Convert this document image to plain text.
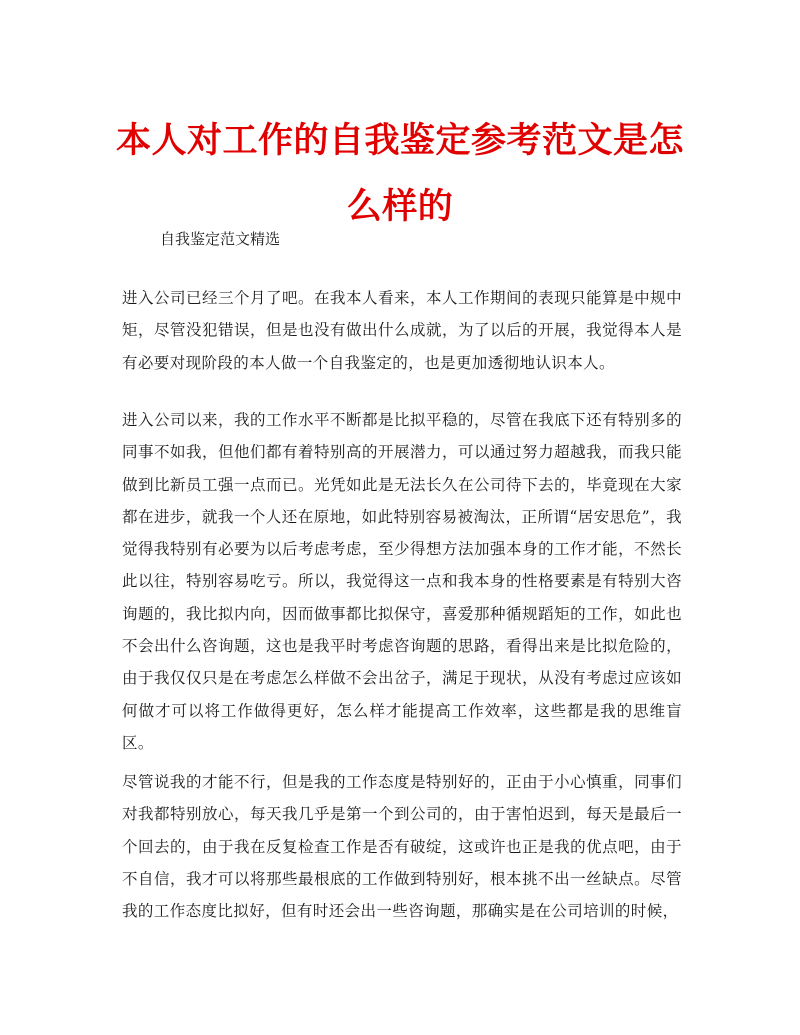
本人对工作的自我鉴定参考范文是怎么样的

自我鉴定范文精选

进入公司已经三个月了吧。在我本人看来，本人工作期间的表现只能算是中规中矩，尽管没犯错误，但是也没有做出什么成就，为了以后的开展，我觉得本人是有必要对现阶段的本人做一个自我鉴定的，也是更加透彻地认识本人。

进入公司以来，我的工作水平不断都是比拟平稳的，尽管在我底下还有特别多的同事不如我，但他们都有着特别高的开展潜力，可以通过努力超越我，而我只能做到比新员工强一点而已。光凭如此是无法长久在公司待下去的，毕竟现在大家都在进步，就我一个人还在原地，如此特别容易被淘汰，正所谓“居安思危”，我觉得我特别有必要为以后考虑考虑，至少得想方法加强本身的工作才能，不然长此以往，特别容易吃亏。所以，我觉得这一点和我本身的性格要素是有特别大咨询题的，我比拟内向，因而做事都比拟保守，喜爱那种循规蹈矩的工作，如此也不会出什么咨询题，这也是我平时考虑咨询题的思路，看得出来是比拟危险的，由于我仅仅只是在考虑怎么样做不会出岔子，满足于现状，从没有考虑过应该如何做才可以将工作做得更好，怎么样才能提高工作效率，这些都是我的思维盲区。

尽管说我的才能不行，但是我的工作态度是特别好的，正由于小心慎重，同事们对我都特别放心，每天我几乎是第一个到公司的，由于害怕迟到，每天是最后一个回去的，由于我在反复检查工作是否有破绽，这或许也正是我的优点吧，由于不自信，我才可以将那些最根底的工作做到特别好，根本挑不出一丝缺点。尽管我的工作态度比拟好，但有时还会出一些咨询题，那确实是在公司培训的时候，
